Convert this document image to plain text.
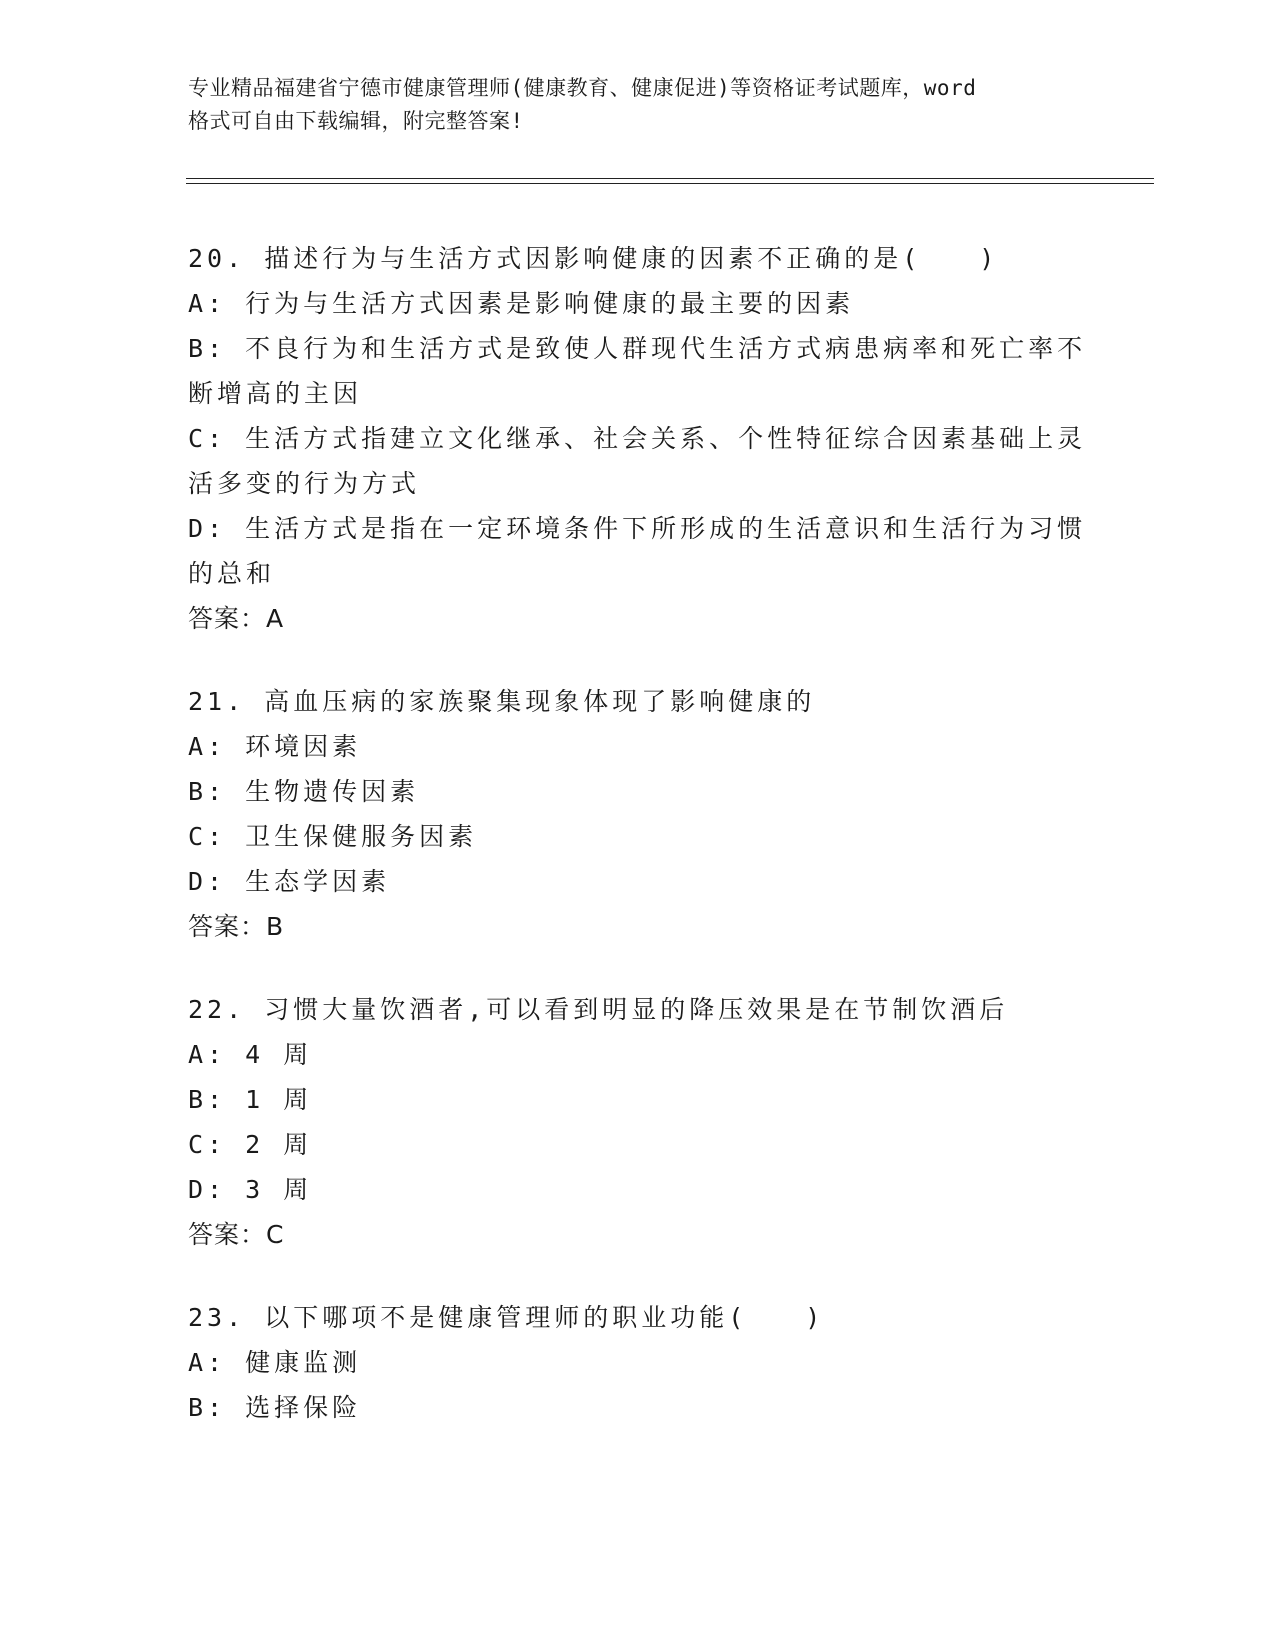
专业精品福建省宁德市健康管理师(健康教育、健康促进)等资格证考试题库，word
格式可自由下载编辑，附完整答案!
20. 描述行为与生活方式因影响健康的因素不正确的是(　　)
A: 行为与生活方式因素是影响健康的最主要的因素
B: 不良行为和生活方式是致使人群现代生活方式病患病率和死亡率不
断增高的主因
C: 生活方式指建立文化继承、社会关系、个性特征综合因素基础上灵
活多变的行为方式
D: 生活方式是指在一定环境条件下所形成的生活意识和生活行为习惯
的总和
答案：A
21. 高血压病的家族聚集现象体现了影响健康的
A: 环境因素
B: 生物遗传因素
C: 卫生保健服务因素
D: 生态学因素
答案：B
22. 习惯大量饮酒者,可以看到明显的降压效果是在节制饮酒后
A: 4 周
B: 1 周
C: 2 周
D: 3 周
答案：C
23. 以下哪项不是健康管理师的职业功能(　　)
A: 健康监测
B: 选择保险
